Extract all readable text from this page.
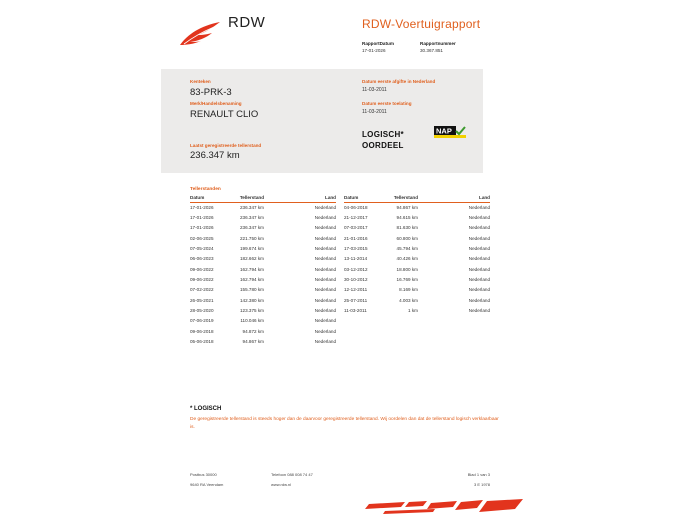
RDW	RDW-Voertuigrapport
RapportDatum
17-01-2026
Rapportnummer
30.367.851
Kenteken
83-PRK-3
Merk/Handelsbenaming
RENAULT CLIO
Laatst geregistreerde tellerstand
236.347 km
Datum eerste afgifte in Nederland
11-03-2011
Datum eerste toelating
11-03-2011
LOGISCH*
OORDEEL
NAP
Tellerstanden
Datum	Tellerstand	Land
17-01-2026	236.347 km	Nederland
17-01-2026	236.347 km	Nederland
17-01-2026	236.347 km	Nederland
02-06-2025	221.750 km	Nederland
07-05-2024	199.674 km	Nederland
06-06-2023	182.662 km	Nederland
09-06-2022	162.794 km	Nederland
09-06-2022	162.794 km	Nederland
07-02-2022	155.780 km	Nederland
26-05-2021	142.380 km	Nederland
28-05-2020	123.375 km	Nederland
07-06-2019	110.046 km	Nederland
09-06-2018	94.872 km	Nederland
05-06-2018	94.867 km	Nederland
Datum	Tellerstand	Land
04-06-2018	94.867 km	Nederland
21-12-2017	94.615 km	Nederland
07-03-2017	81.630 km	Nederland
21-01-2016	60.800 km	Nederland
17-03-2015	45.794 km	Nederland
13-11-2014	40.426 km	Nederland
03-12-2012	18.800 km	Nederland
30-10-2012	16.769 km	Nederland
12-12-2011	8.169 km	Nederland
25-07-2011	4.003 km	Nederland
11-03-2011	1 km	Nederland
* LOGISCH
De geregistreerde tellerstand is steeds hoger dan de daarvoor geregistreerde tellerstand. Wij oordelen dan dat de tellerstand logisch verklaarbaar is.
Postbus 30000
9640 RA Veendam
Telefoon 088 008 74 47
www.rdw.nl
Blad 1 van 3
3 E 1978
